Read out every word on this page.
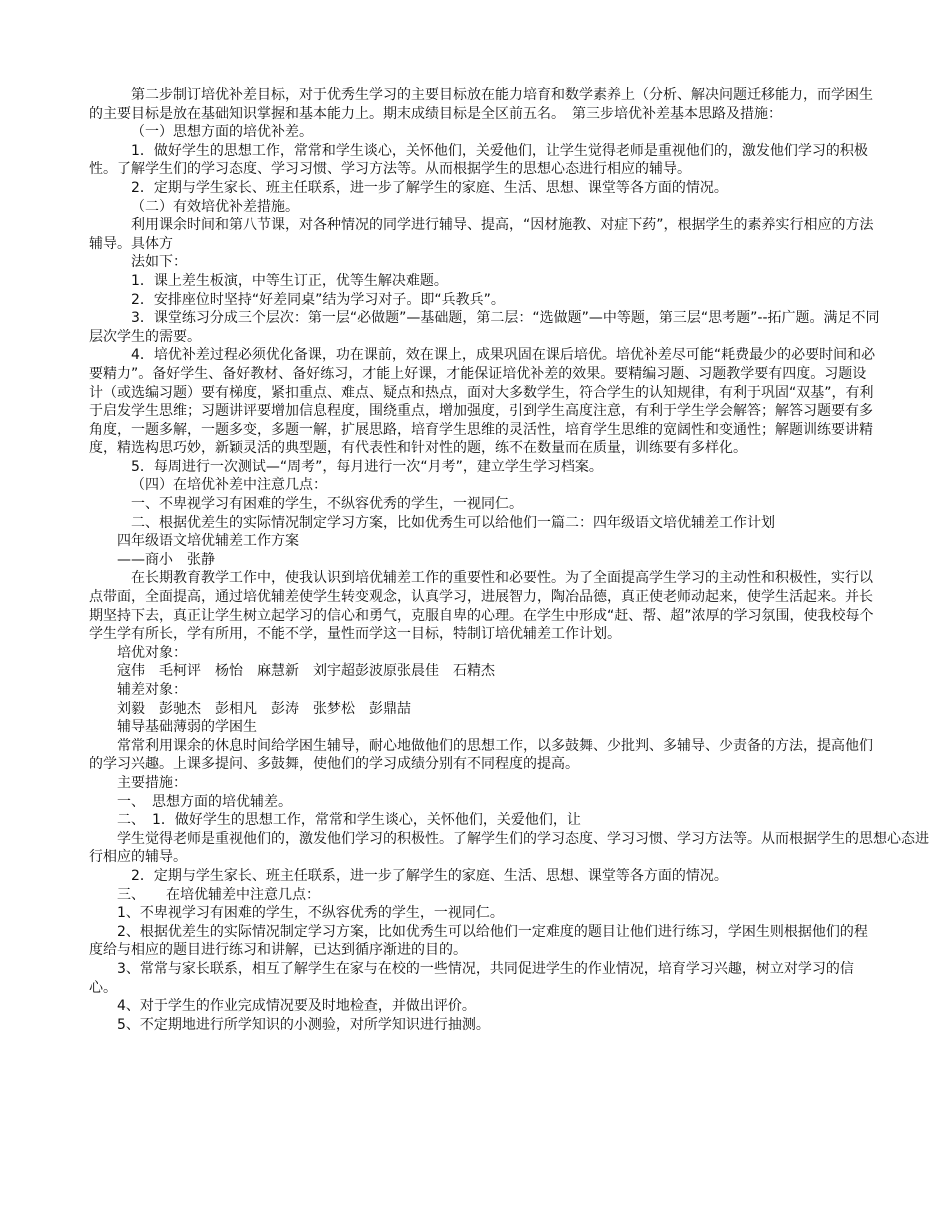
第二步制订培优补差目标，对于优秀生学习的主要目标放在能力培育和数学素养上（分析、解决问题迁移能力，而学困生的主要目标是放在基础知识掌握和基本能力上。期末成绩目标是全区前五名。　第三步培优补差基本思路及措施：

（一）思想方面的培优补差。

1．做好学生的思想工作，常常和学生谈心，关怀他们，关爱他们，让学生觉得老师是重视他们的，激发他们学习的积极性。了解学生们的学习态度、学习习惯、学习方法等。从而根据学生的思想心态进行相应的辅导。

2．定期与学生家长、班主任联系，进一步了解学生的家庭、生活、思想、课堂等各方面的情况。

（二）有效培优补差措施。

利用课余时间和第八节课，对各种情况的同学进行辅导、提高，“因材施教、对症下药”，根据学生的素养实行相应的方法辅导。具体方

法如下：

1．课上差生板演，中等生订正，优等生解决难题。

2．安排座位时坚持“好差同桌”结为学习对子。即“兵教兵”。

3．课堂练习分成三个层次：第一层“必做题”—基础题，第二层：“选做题”—中等题，第三层“思考题”--拓广题。满足不同层次学生的需要。

4．培优补差过程必须优化备课，功在课前，效在课上，成果巩固在课后培优。培优补差尽可能“耗费最少的必要时间和必要精力”。备好学生、备好教材、备好练习，才能上好课，才能保证培优补差的效果。要精编习题、习题教学要有四度。习题设计（或选编习题）要有梯度，紧扣重点、难点、疑点和热点，面对大多数学生，符合学生的认知规律，有利于巩固“双基”，有利于启发学生思维；习题讲评要增加信息程度，围绕重点，增加强度，引到学生高度注意，有利于学生学会解答；解答习题要有多角度，一题多解，一题多变，多题一解，扩展思路，培育学生思维的灵活性，培育学生思维的宽阔性和变通性；解题训练要讲精度，精选构思巧妙，新颖灵活的典型题，有代表性和针对性的题，练不在数量而在质量，训练要有多样化。

5．每周进行一次测试—“周考”，每月进行一次“月考”，建立学生学习档案。

（四）在培优补差中注意几点：

一、不卑视学习有困难的学生，不纵容优秀的学生，一视同仁。

二、根据优差生的实际情况制定学习方案，比如优秀生可以给他们一篇二：四年级语文培优辅差工作计划

四年级语文培优辅差工作方案

——商小　张静

在长期教育教学工作中，使我认识到培优辅差工作的重要性和必要性。为了全面提高学生学习的主动性和积极性，实行以点带面，全面提高，通过培优辅差使学生转变观念，认真学习，进展智力，陶冶品德，真正使老师动起来，使学生活起来。并长期坚持下去，真正让学生树立起学习的信心和勇气，克服自卑的心理。在学生中形成“赶、帮、超”浓厚的学习氛围，使我校每个学生学有所长，学有所用，不能不学，量性而学这一目标，特制订培优辅差工作计划。

培优对象：

寇伟　毛柯评　杨怡　麻慧新　刘宇超彭波原张晨佳　石精杰

辅差对象：

刘毅　彭驰杰　彭相凡　彭涛　张梦松　彭鼎喆

辅导基础薄弱的学困生

常常利用课余的休息时间给学困生辅导，耐心地做他们的思想工作，以多鼓舞、少批判、多辅导、少责备的方法，提高他们的学习兴趣。上课多提问、多鼓舞，使他们的学习成绩分别有不同程度的提高。

主要措施：

一、　思想方面的培优辅差。

二、　1．做好学生的思想工作，常常和学生谈心，关怀他们，关爱他们，让

学生觉得老师是重视他们的，激发他们学习的积极性。了解学生们的学习态度、学习习惯、学习方法等。从而根据学生的思想心态进行相应的辅导。

2．定期与学生家长、班主任联系，进一步了解学生的家庭、生活、思想、课堂等各方面的情况。

三、　　在培优辅差中注意几点：

1、不卑视学习有困难的学生，不纵容优秀的学生，一视同仁。

2、根据优差生的实际情况制定学习方案，比如优秀生可以给他们一定难度的题目让他们进行练习，学困生则根据他们的程度给与相应的题目进行练习和讲解，已达到循序渐进的目的。

3、常常与家长联系，相互了解学生在家与在校的一些情况，共同促进学生的作业情况，培育学习兴趣，树立对学习的信心。

4、对于学生的作业完成情况要及时地检查，并做出评价。

5、不定期地进行所学知识的小测验，对所学知识进行抽测。
